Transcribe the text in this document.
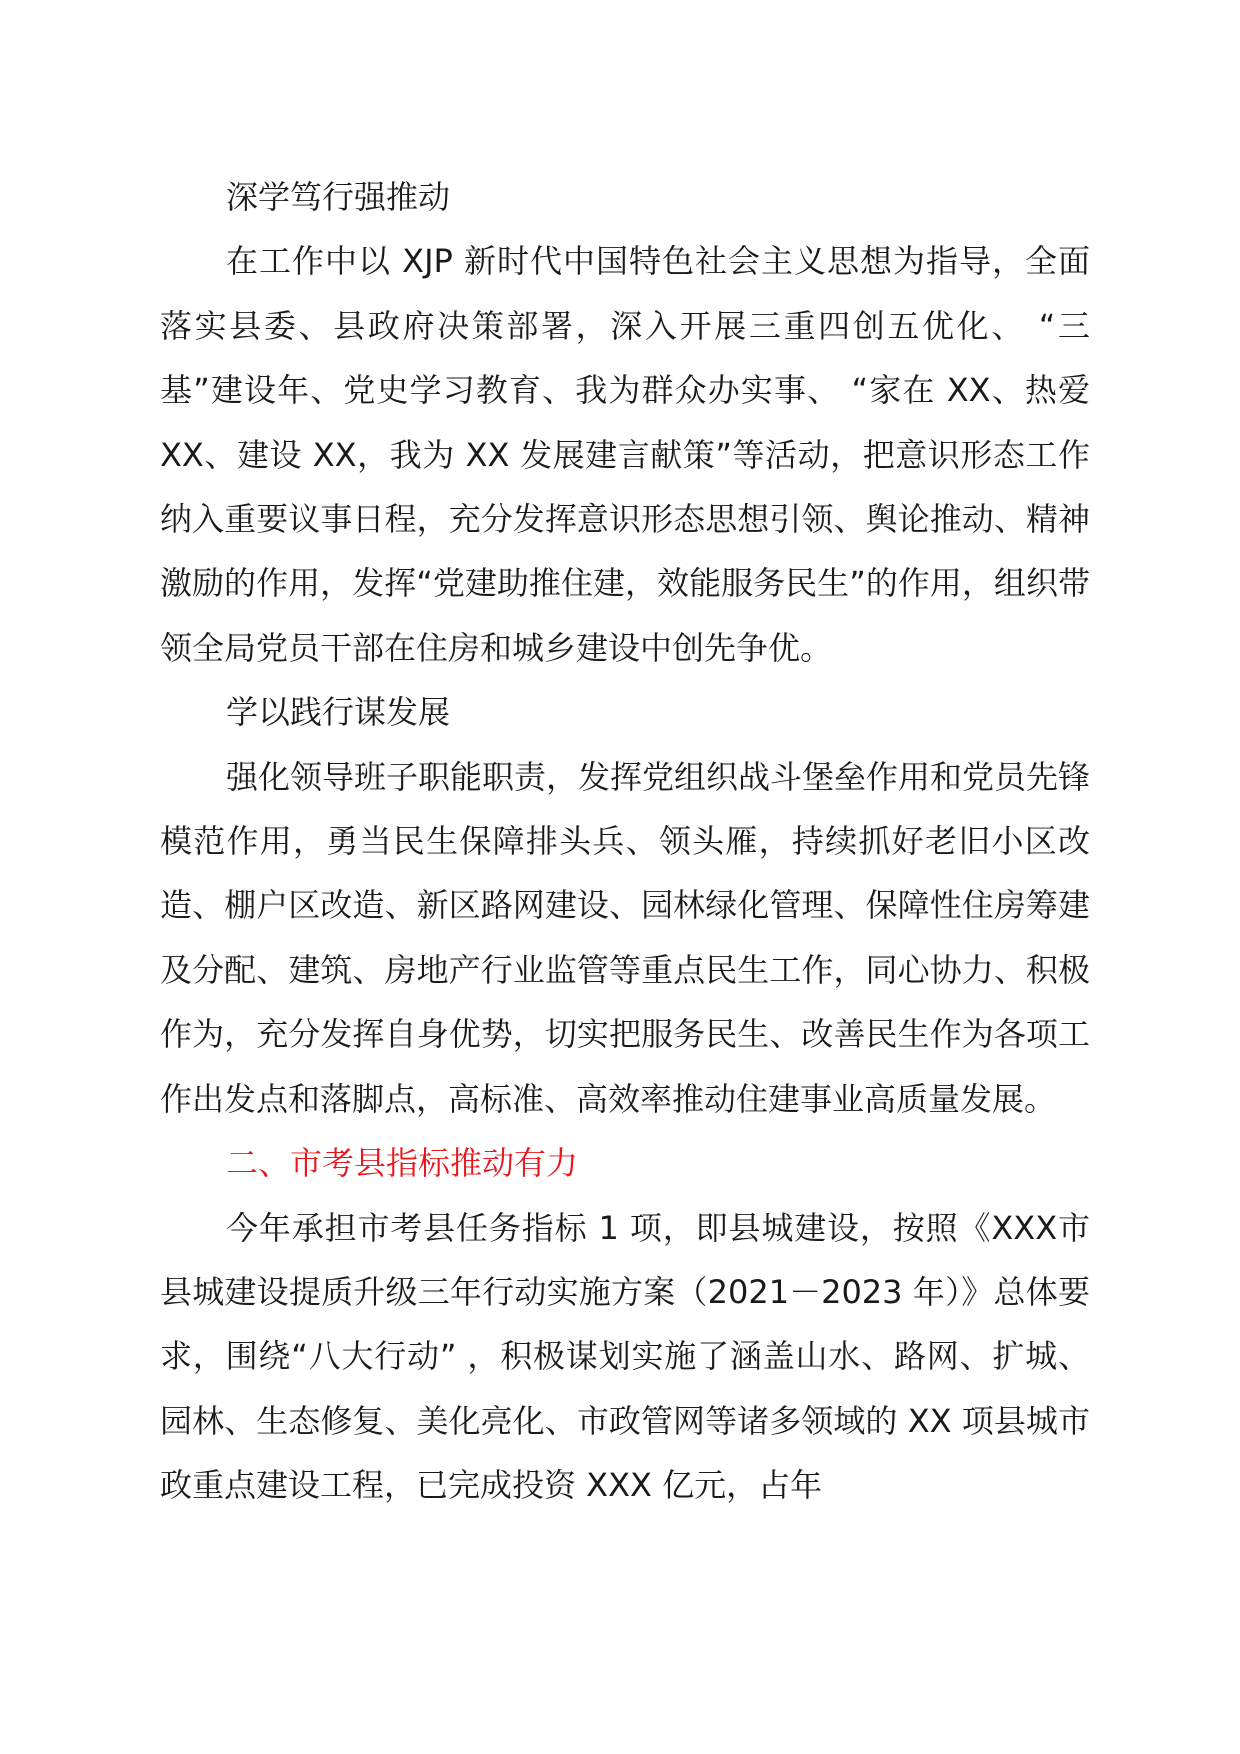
深学笃行强推动

在工作中以 XJP 新时代中国特色社会主义思想为指导，全面落实县委、县政府决策部署，深入开展三重四创五优化、 “三基”建设年、党史学习教育、我为群众办实事、 “家在 XX、热爱 XX、建设 XX，我为 XX 发展建言献策”等活动，把意识形态工作纳入重要议事日程，充分发挥意识形态思想引领、舆论推动、精神激励的作用，发挥“党建助推住建，效能服务民生”的作用，组织带领全局党员干部在住房和城乡建设中创先争优。

学以践行谋发展

强化领导班子职能职责，发挥党组织战斗堡垒作用和党员先锋模范作用，勇当民生保障排头兵、领头雁，持续抓好老旧小区改造、棚户区改造、新区路网建设、园林绿化管理、保障性住房筹建及分配、建筑、房地产行业监管等重点民生工作，同心协力、积极作为，充分发挥自身优势，切实把服务民生、改善民生作为各项工作出发点和落脚点，高标准、高效率推动住建事业高质量发展。

二、市考县指标推动有力

今年承担市考县任务指标 1 项，即县城建设，按照《XXX市县城建设提质升级三年行动实施方案（2021－2023 年）》总体要求，围绕“八大行动” ，积极谋划实施了涵盖山水、路网、扩城、园林、生态修复、美化亮化、市政管网等诸多领域的 XX 项县城市政重点建设工程，已完成投资 XXX 亿元，占年
